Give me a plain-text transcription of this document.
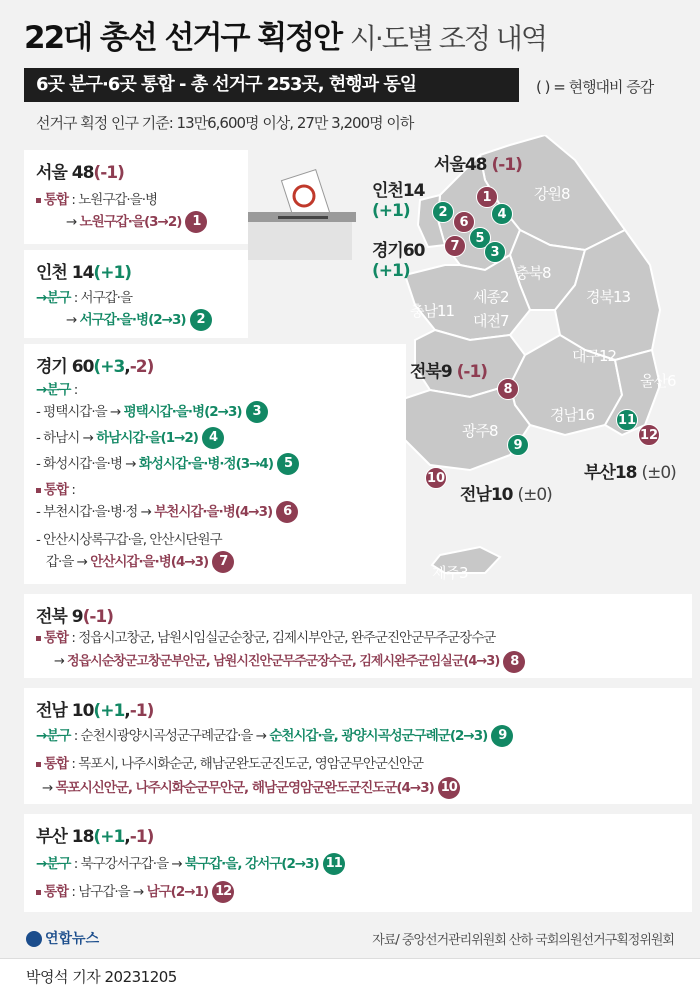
22대 총선 선거구 획정안 시·도별 조정 내역
6곳 분구·6곳 통합 - 총 선거구 253곳, 현행과 동일	( ) = 현행대비 증감
선거구 획정 인구 기준: 13만6,600명 이상, 27만 3,200명 이하
강원8
충북8
세종2
대전7
충남11
경북13
대구12
울산6
경남16
광주8
제주3
서울48 (-1)
인천14
(+1)
경기60
(+1)
전북9 (-1)
부산18 (±0)
전남10 (±0)
1
2
6
4
7
5
3
8
9
10
11
12
서울 48(-1)
통합 : 노원구갑·을·병
→ 노원구갑·을(3→2) 1
인천 14(+1)
→분구 : 서구갑·을
→ 서구갑·을·병(2→3) 2
경기 60(+3,-2)
→분구 :
- 평택시갑·을 → 평택시갑·을·병(2→3) 3
- 하남시 → 하남시갑·을(1→2) 4
- 화성시갑·을·병 → 화성시갑·을·병·정(3→4) 5
통합 :
- 부천시갑·을·병·정 → 부천시갑·을·병(4→3) 6
- 안산시상록구갑·을, 안산시단원구
갑·을 → 안산시갑·을·병(4→3) 7
전북 9(-1)
통합 : 정읍시고창군, 남원시임실군순창군, 김제시부안군, 완주군진안군무주군장수군
→ 정읍시순창군고창군부안군, 남원시진안군무주군장수군, 김제시완주군임실군(4→3) 8
전남 10(+1,-1)
→분구 : 순천시광양시곡성군구례군갑·을 → 순천시갑·을, 광양시곡성군구례군(2→3) 9
통합 : 목포시, 나주시화순군, 해남군완도군진도군, 영암군무안군신안군
→ 목포시신안군, 나주시화순군무안군, 해남군영암군완도군진도군(4→3) 10
부산 18(+1,-1)
→분구 : 북구강서구갑·을 → 북구갑·을, 강서구(2→3) 11
통합 : 남구갑·을 → 남구(2→1) 12
연합뉴스	자료/ 중앙선거관리위원회 산하 국회의원선거구획정위원회
박영석 기자 20231205
